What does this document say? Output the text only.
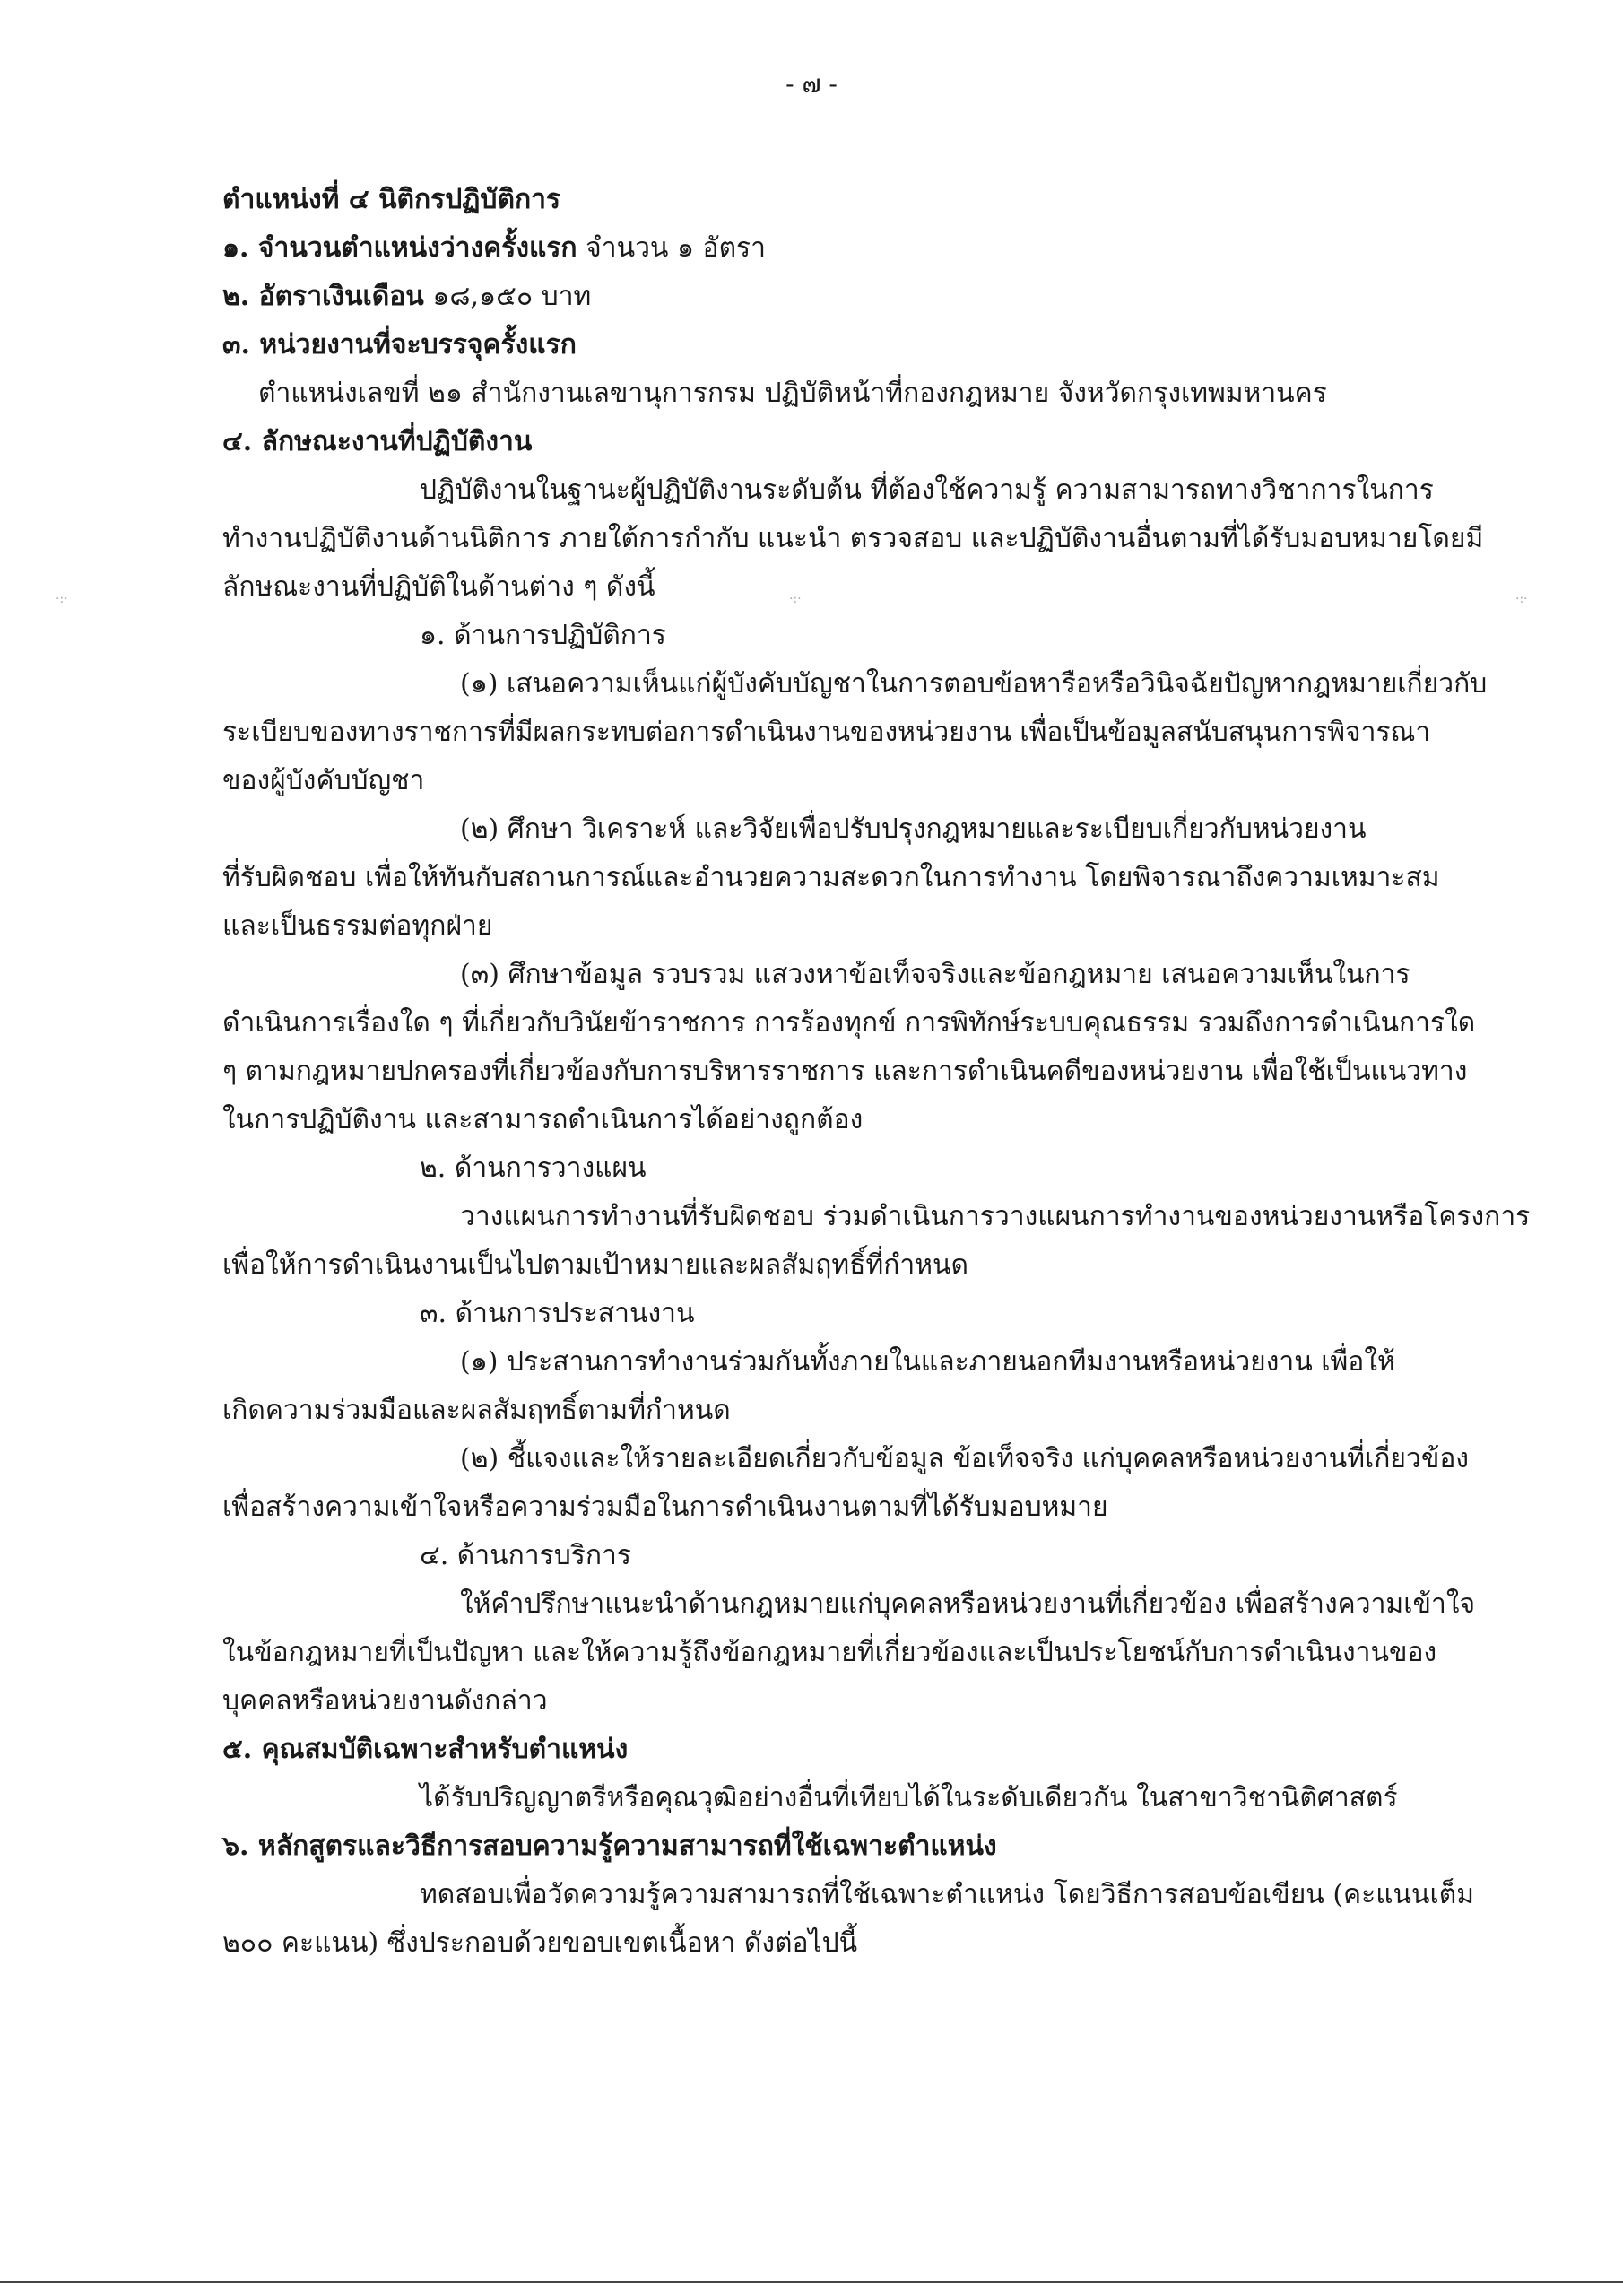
- ๗ -
ตำแหน่งที่ ๔ นิติกรปฏิบัติการ
๑. จำนวนตำแหน่งว่างครั้งแรก จำนวน ๑ อัตรา
๒. อัตราเงินเดือน ๑๘,๑๕๐ บาท
๓. หน่วยงานที่จะบรรจุครั้งแรก
ตำแหน่งเลขที่ ๒๑ สำนักงานเลขานุการกรม ปฏิบัติหน้าที่กองกฎหมาย จังหวัดกรุงเทพมหานคร
๔. ลักษณะงานที่ปฏิบัติงาน
ปฏิบัติงานในฐานะผู้ปฏิบัติงานระดับต้น ที่ต้องใช้ความรู้ ความสามารถทางวิชาการในการ
ทำงานปฏิบัติงานด้านนิติการ ภายใต้การกำกับ แนะนำ ตรวจสอบ และปฏิบัติงานอื่นตามที่ได้รับมอบหมายโดยมี
ลักษณะงานที่ปฏิบัติในด้านต่าง ๆ ดังนี้
๑. ด้านการปฏิบัติการ
(๑) เสนอความเห็นแก่ผู้บังคับบัญชาในการตอบข้อหารือหรือวินิจฉัยปัญหากฎหมายเกี่ยวกับ
ระเบียบของทางราชการที่มีผลกระทบต่อการดำเนินงานของหน่วยงาน เพื่อเป็นข้อมูลสนับสนุนการพิจารณา
ของผู้บังคับบัญชา
(๒) ศึกษา วิเคราะห์ และวิจัยเพื่อปรับปรุงกฎหมายและระเบียบเกี่ยวกับหน่วยงาน
ที่รับผิดชอบ เพื่อให้ทันกับสถานการณ์และอำนวยความสะดวกในการทำงาน โดยพิจารณาถึงความเหมาะสม
และเป็นธรรมต่อทุกฝ่าย
(๓) ศึกษาข้อมูล รวบรวม แสวงหาข้อเท็จจริงและข้อกฎหมาย เสนอความเห็นในการ
ดำเนินการเรื่องใด ๆ ที่เกี่ยวกับวินัยข้าราชการ การร้องทุกข์ การพิทักษ์ระบบคุณธรรม รวมถึงการดำเนินการใด
ๆ ตามกฎหมายปกครองที่เกี่ยวข้องกับการบริหารราชการ และการดำเนินคดีของหน่วยงาน เพื่อใช้เป็นแนวทาง
ในการปฏิบัติงาน และสามารถดำเนินการได้อย่างถูกต้อง
๒. ด้านการวางแผน
วางแผนการทำงานที่รับผิดชอบ ร่วมดำเนินการวางแผนการทำงานของหน่วยงานหรือโครงการ
เพื่อให้การดำเนินงานเป็นไปตามเป้าหมายและผลสัมฤทธิ์ที่กำหนด
๓. ด้านการประสานงาน
(๑) ประสานการทำงานร่วมกันทั้งภายในและภายนอกทีมงานหรือหน่วยงาน เพื่อให้
เกิดความร่วมมือและผลสัมฤทธิ์ตามที่กำหนด
(๒) ชี้แจงและให้รายละเอียดเกี่ยวกับข้อมูล ข้อเท็จจริง แก่บุคคลหรือหน่วยงานที่เกี่ยวข้อง
เพื่อสร้างความเข้าใจหรือความร่วมมือในการดำเนินงานตามที่ได้รับมอบหมาย
๔. ด้านการบริการ
ให้คำปรึกษาแนะนำด้านกฎหมายแก่บุคคลหรือหน่วยงานที่เกี่ยวข้อง เพื่อสร้างความเข้าใจ
ในข้อกฎหมายที่เป็นปัญหา และให้ความรู้ถึงข้อกฎหมายที่เกี่ยวข้องและเป็นประโยชน์กับการดำเนินงานของ
บุคคลหรือหน่วยงานดังกล่าว
๕. คุณสมบัติเฉพาะสำหรับตำแหน่ง
ได้รับปริญญาตรีหรือคุณวุฒิอย่างอื่นที่เทียบได้ในระดับเดียวกัน ในสาขาวิชานิติศาสตร์
๖. หลักสูตรและวิธีการสอบความรู้ความสามารถที่ใช้เฉพาะตำแหน่ง
ทดสอบเพื่อวัดความรู้ความสามารถที่ใช้เฉพาะตำแหน่ง โดยวิธีการสอบข้อเขียน (คะแนนเต็ม
๒๐๐ คะแนน) ซึ่งประกอบด้วยขอบเขตเนื้อหา ดังต่อไปนี้
·:·	·:·	·:·
